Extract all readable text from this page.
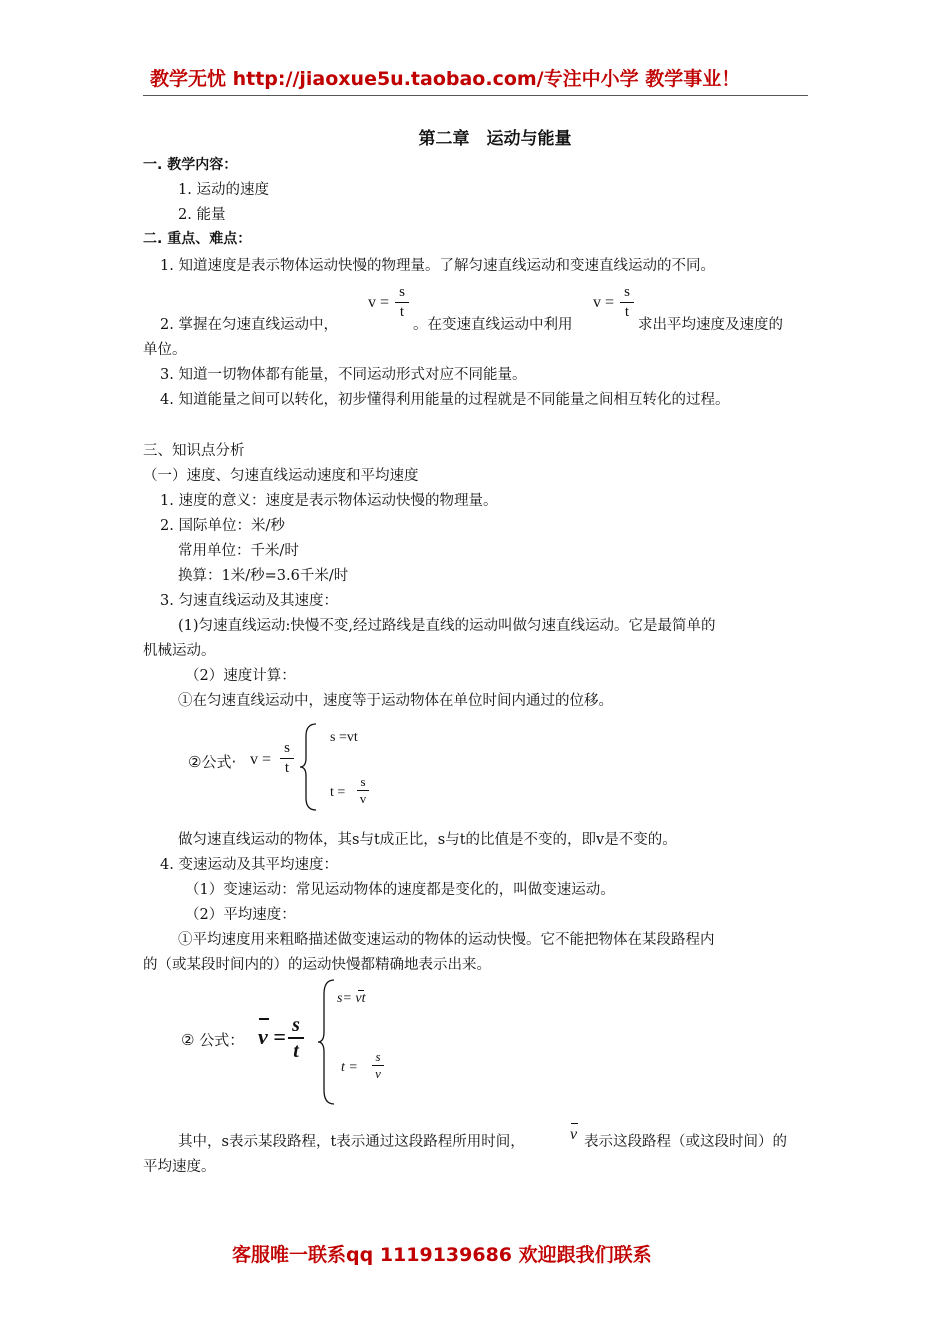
教学无忧 http://jiaoxue5u.taobao.com/专注中小学 教学事业！
第二章　运动与能量
一. 教学内容：
1. 运动的速度
2. 能量
二. 重点、难点：
1. 知道速度是表示物体运动快慢的物理量。了解匀速直线运动和变速直线运动的不同。
2. 掌握在匀速直线运动中，
v =
s
t
。在变速直线运动中利用
v =
s
t
求出平均速度及速度的
单位。
3. 知道一切物体都有能量，不同运动形式对应不同能量。
4. 知道能量之间可以转化，初步懂得利用能量的过程就是不同能量之间相互转化的过程。
三、知识点分析
（一）速度、匀速直线运动速度和平均速度
1. 速度的意义：速度是表示物体运动快慢的物理量。
2. 国际单位：米/秒
常用单位：千米/时
换算：1米/秒=3.6千米/时
3. 匀速直线运动及其速度：
(1)匀速直线运动:快慢不变,经过路线是直线的运动叫做匀速直线运动。它是最简单的
机械运动。
（2）速度计算：
①在匀速直线运动中，速度等于运动物体在单位时间内通过的位移。
②公式· v =
s
t
s =vt
t =
s
v
做匀速直线运动的物体，其s与t成正比，s与t的比值是不变的，即v是不变的。
4. 变速运动及其平均速度：
（1）变速运动：常见运动物体的速度都是变化的，叫做变速运动。
（2）平均速度：
①平均速度用来粗略描述做变速运动的物体的运动快慢。它不能把物体在某段路程内
的（或某段时间内的）的运动快慢都精确地表示出来。
② 公式： v = s
t
s= vt
t =
s
v
其中，s表示某段路程，t表示通过这段路程所用时间，	v 表示这段路程（或这段时间）的
平均速度。
客服唯一联系qq 1119139686 欢迎跟我们联系
